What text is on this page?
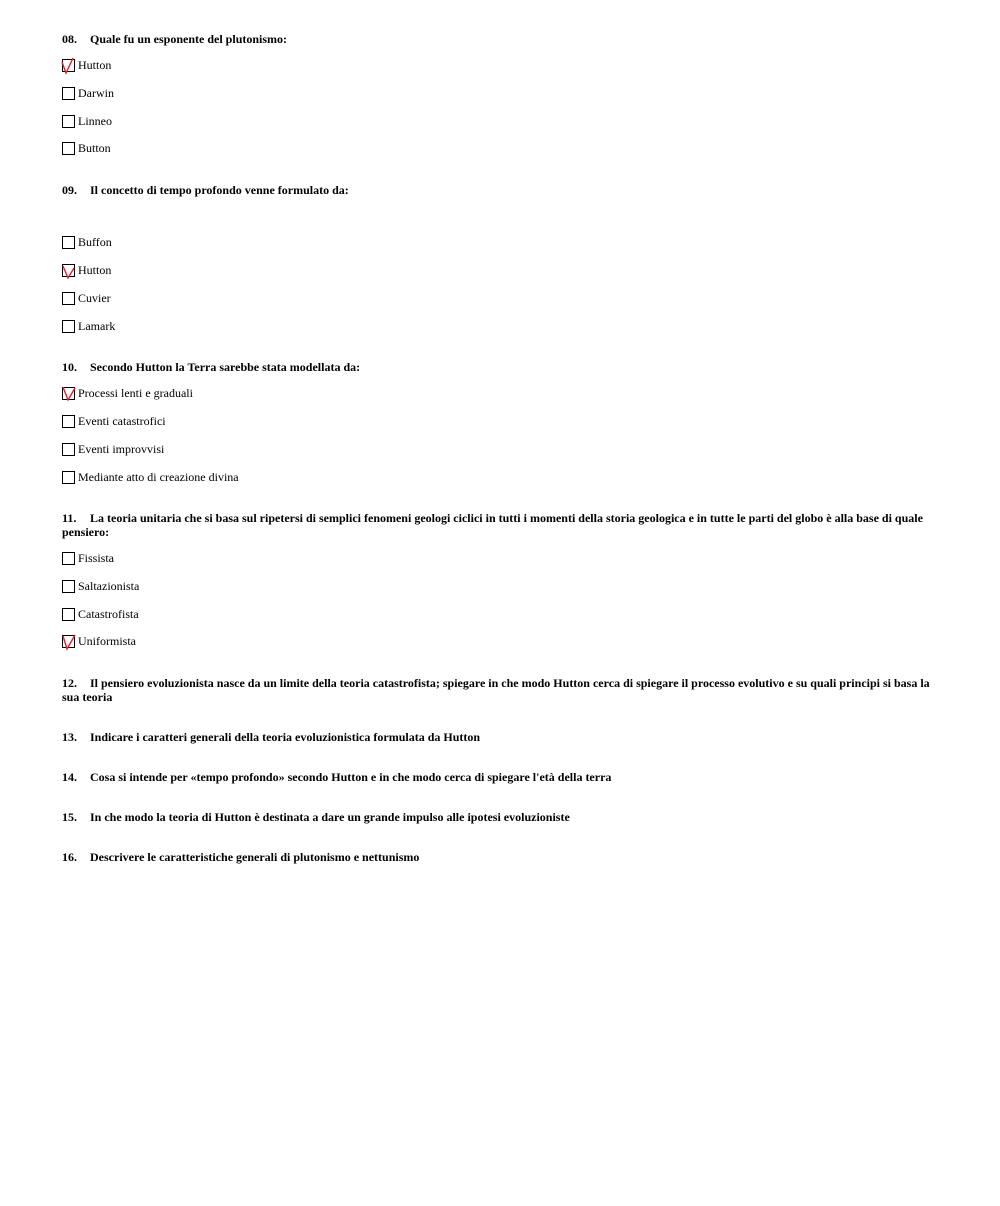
08. Quale fu un esponente del plutonismo:

Hutton
Darwin
Linneo
Button

09. Il concetto di tempo profondo venne formulato da:

Buffon
Hutton
Cuvier
Lamark

10. Secondo Hutton la Terra sarebbe stata modellata da:

Processi lenti e graduali
Eventi catastrofici
Eventi improvvisi
Mediante atto di creazione divina

11. La teoria unitaria che si basa sul ripetersi di semplici fenomeni geologi ciclici in tutti i momenti della storia geologica e in tutte le parti del globo è alla base di quale pensiero:

Fissista
Saltazionista
Catastrofista
Uniformista

12. Il pensiero evoluzionista nasce da un limite della teoria catastrofista; spiegare in che modo Hutton cerca di spiegare il processo evolutivo e su quali principi si basa la sua teoria

13. Indicare i caratteri generali della teoria evoluzionistica formulata da Hutton

14. Cosa si intende per «tempo profondo» secondo Hutton e in che modo cerca di spiegare l'età della terra

15. In che modo la teoria di Hutton è destinata a dare un grande impulso alle ipotesi evoluzioniste

16. Descrivere le caratteristiche generali di plutonismo e nettunismo
